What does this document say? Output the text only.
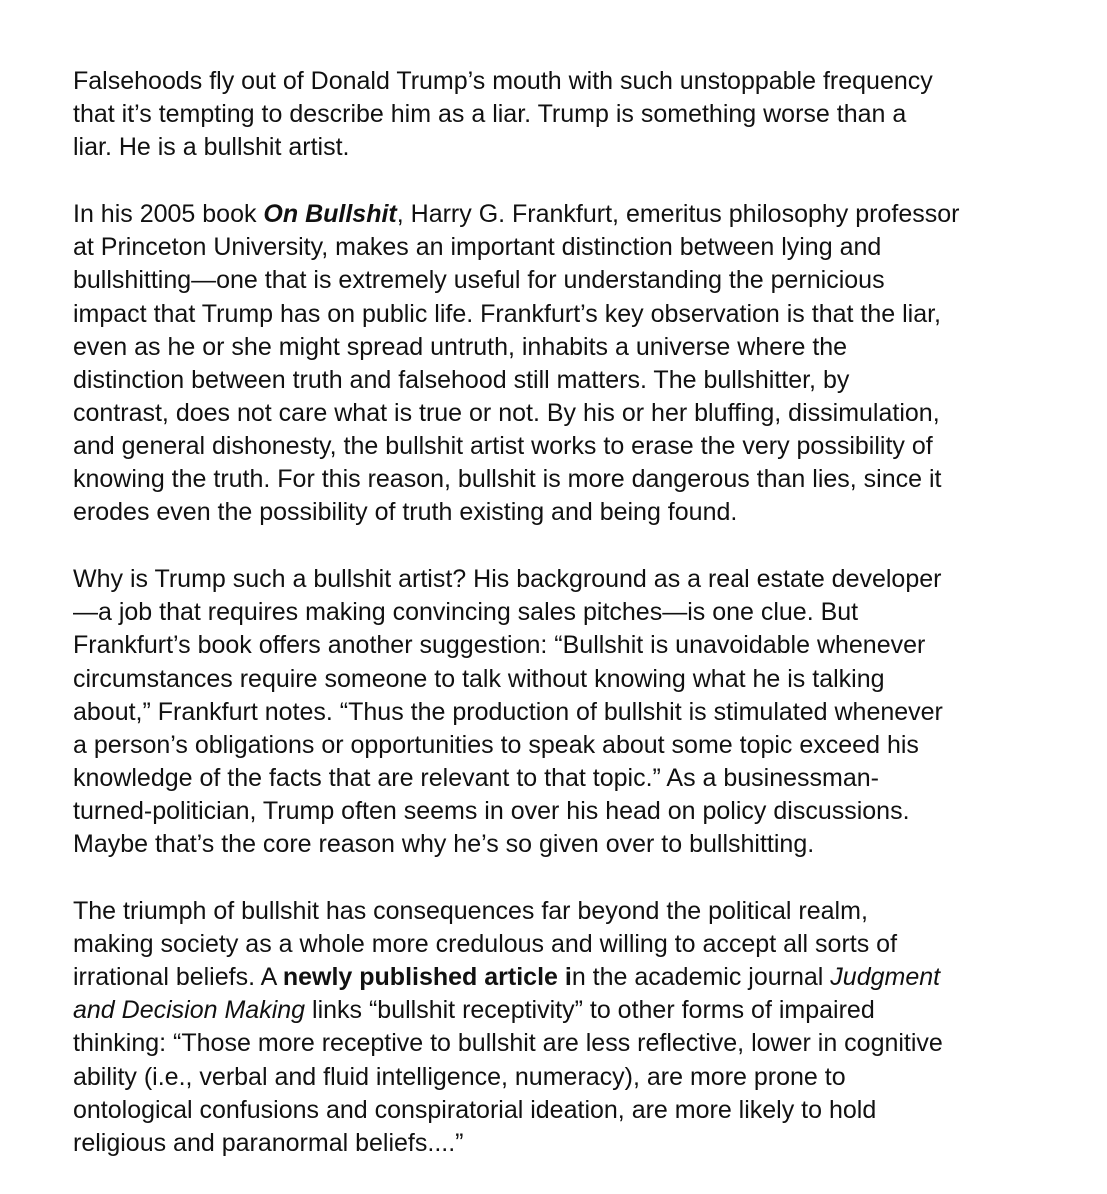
Falsehoods fly out of Donald Trump’s mouth with such unstoppable frequency
that it’s tempting to describe him as a liar. Trump is something worse than a
liar. He is a bullshit artist.

In his 2005 book On Bullshit, Harry G. Frankfurt, emeritus philosophy professor
at Princeton University, makes an important distinction between lying and
bullshitting—one that is extremely useful for understanding the pernicious
impact that Trump has on public life. Frankfurt’s key observation is that the liar,
even as he or she might spread untruth, inhabits a universe where the
distinction between truth and falsehood still matters. The bullshitter, by
contrast, does not care what is true or not. By his or her bluffing, dissimulation,
and general dishonesty, the bullshit artist works to erase the very possibility of
knowing the truth. For this reason, bullshit is more dangerous than lies, since it
erodes even the possibility of truth existing and being found.

Why is Trump such a bullshit artist? His background as a real estate developer
—a job that requires making convincing sales pitches—is one clue. But
Frankfurt’s book offers another suggestion: “Bullshit is unavoidable whenever
circumstances require someone to talk without knowing what he is talking
about,” Frankfurt notes. “Thus the production of bullshit is stimulated whenever
a person’s obligations or opportunities to speak about some topic exceed his
knowledge of the facts that are relevant to that topic.” As a businessman-
turned-politician, Trump often seems in over his head on policy discussions.
Maybe that’s the core reason why he’s so given over to bullshitting.

The triumph of bullshit has consequences far beyond the political realm,
making society as a whole more credulous and willing to accept all sorts of
irrational beliefs. A newly published article in the academic journal Judgment
and Decision Making links “bullshit receptivity” to other forms of impaired
thinking: “Those more receptive to bullshit are less reflective, lower in cognitive
ability (i.e., verbal and fluid intelligence, numeracy), are more prone to
ontological confusions and conspiratorial ideation, are more likely to hold
religious and paranormal beliefs....”
